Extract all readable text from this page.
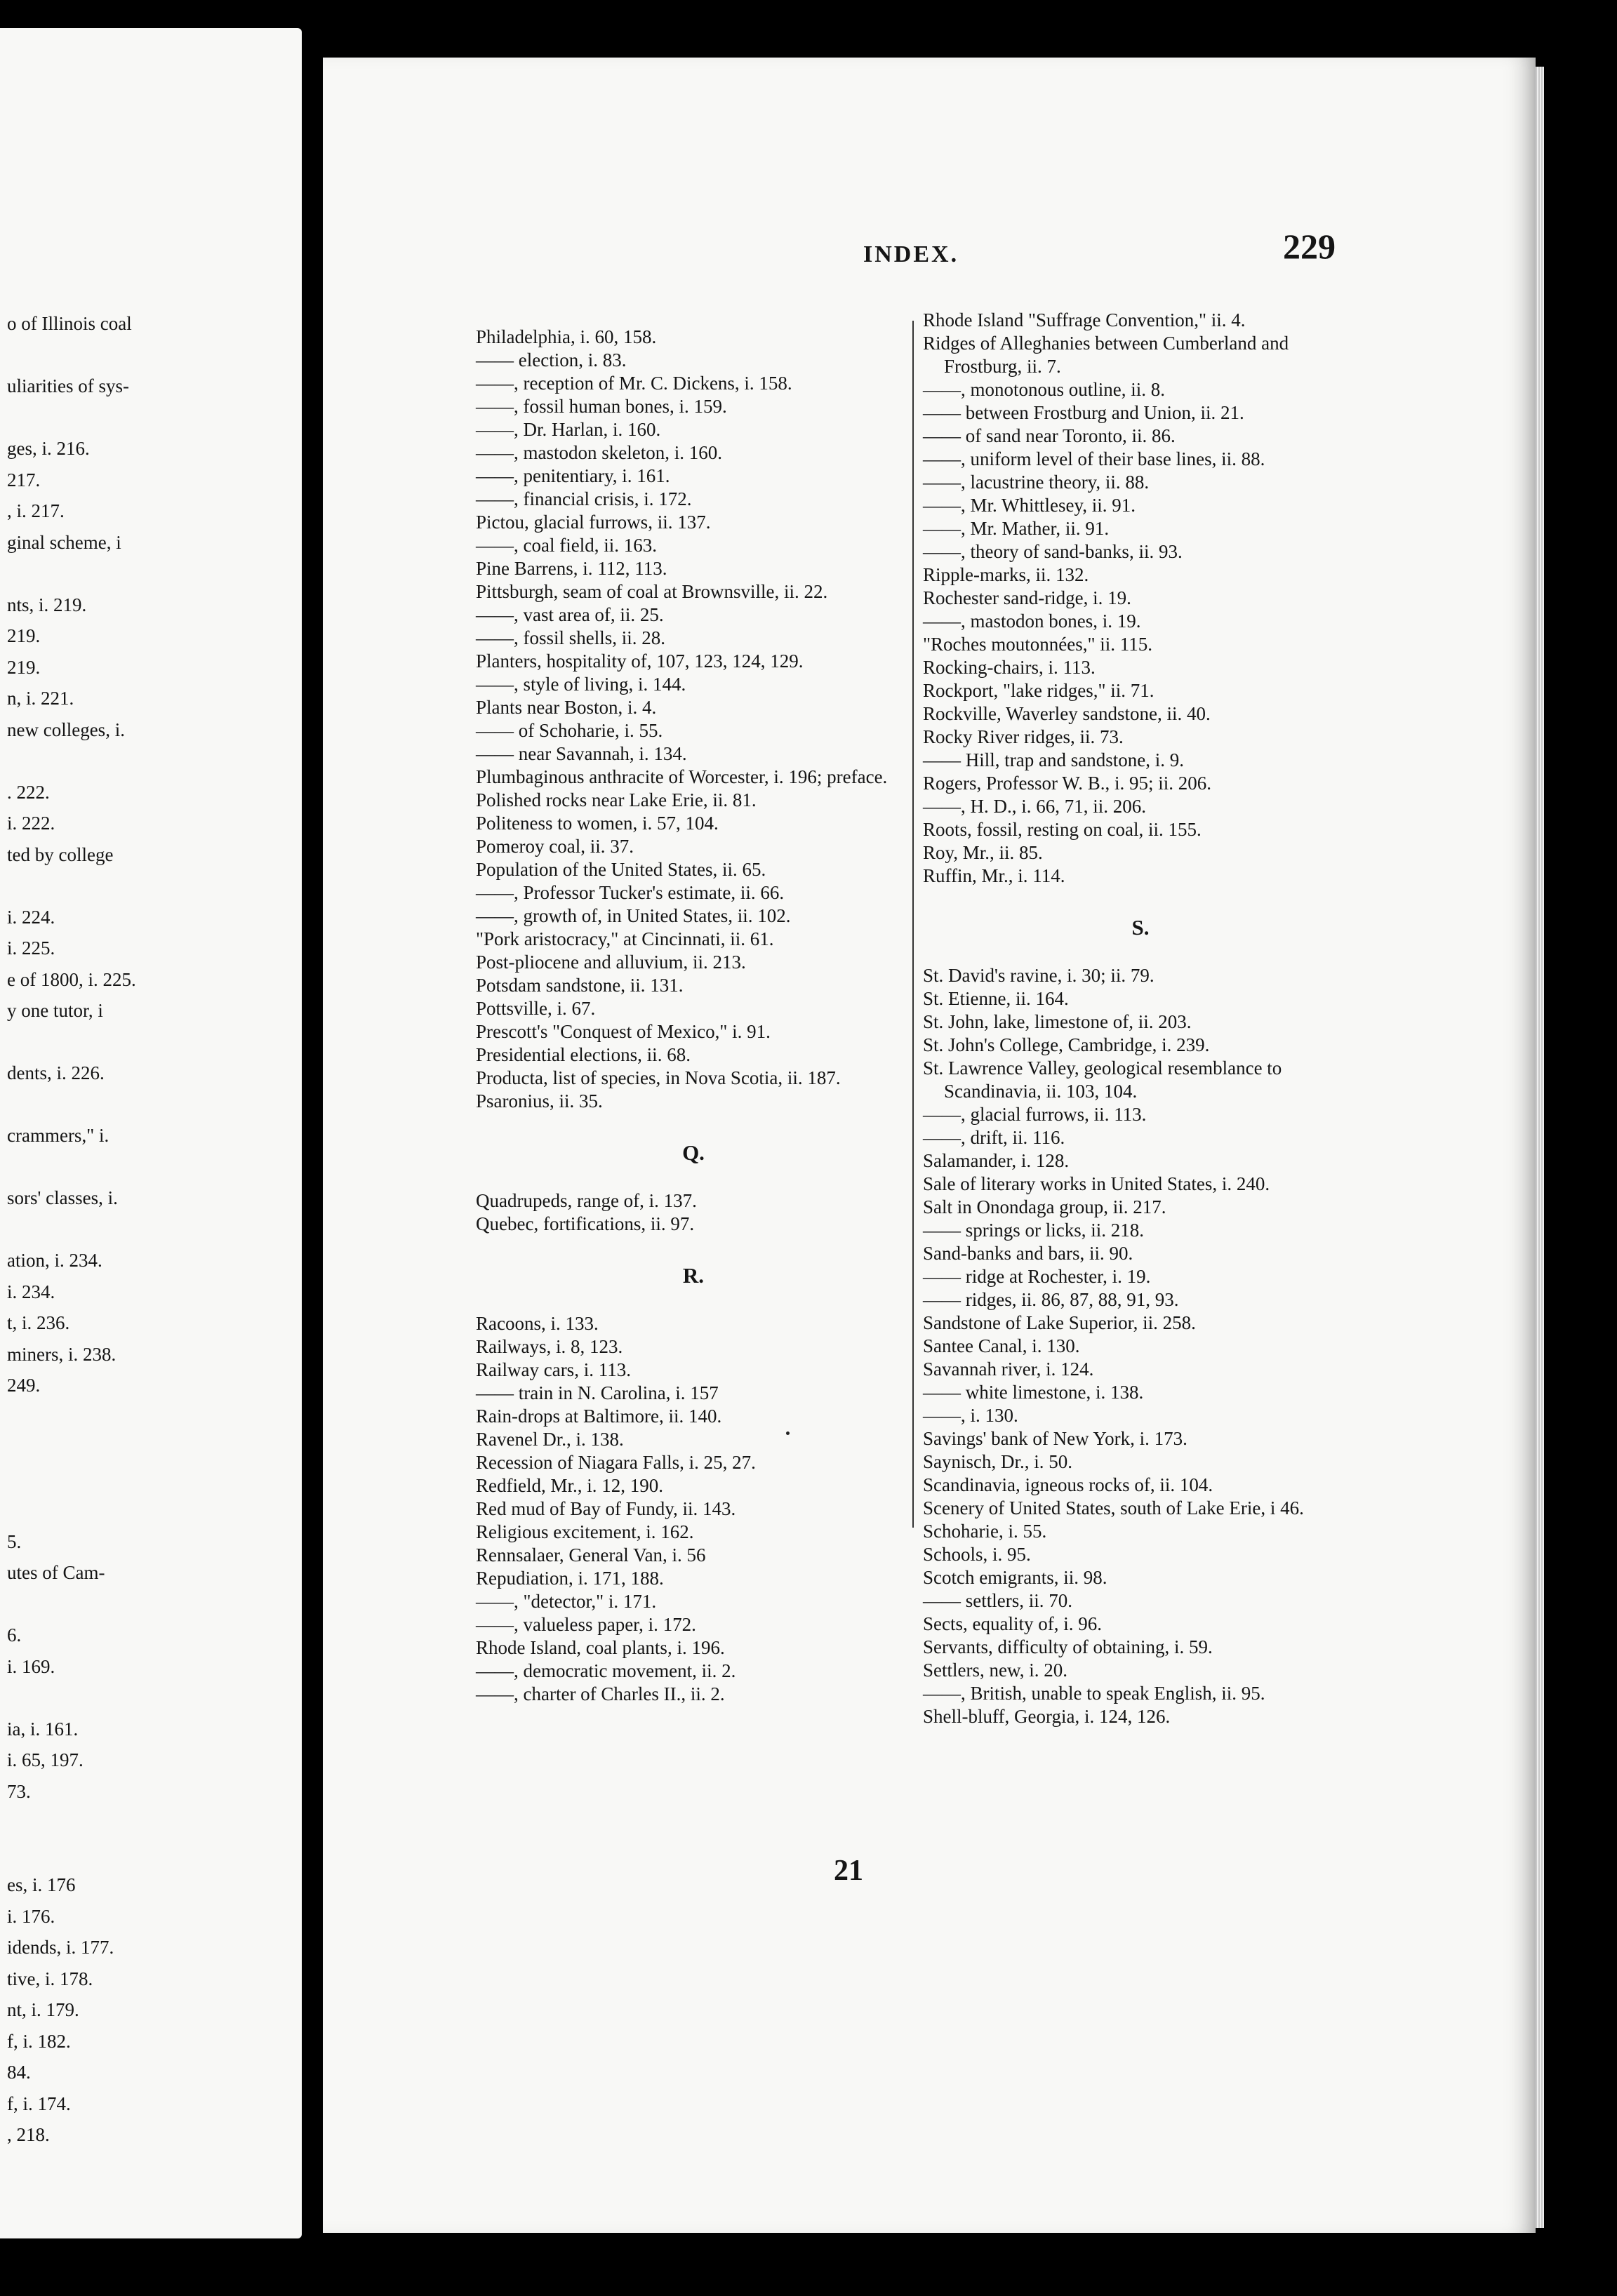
o of Illinois coal
uliarities of sys-
ges, i. 216.
217.
, i. 217.
ginal scheme, i
nts, i. 219.
219.
219.
n, i. 221.
new colleges, i.
. 222.
i. 222.
ted by college
i. 224.
i. 225.
e of 1800, i. 225.
y one tutor, i
dents, i. 226.
crammers," i.
sors' classes, i.
ation, i. 234.
i. 234.
t, i. 236.
miners, i. 238.
249.
5.
utes of Cam-
6.
i. 169.
ia, i. 161.
i. 65, 197.
73.
es, i. 176
i. 176.
idends, i. 177.
tive, i. 178.
nt, i. 179.
f, i. 182.
84.
f, i. 174.
, 218.
INDEX.	229
Philadelphia, i. 60, 158.
—— election, i. 83.
——, reception of Mr. C. Dickens, i. 158.
——, fossil human bones, i. 159.
——, Dr. Harlan, i. 160.
——, mastodon skeleton, i. 160.
——, penitentiary, i. 161.
——, financial crisis, i. 172.
Pictou, glacial furrows, ii. 137.
——, coal field, ii. 163.
Pine Barrens, i. 112, 113.
Pittsburgh, seam of coal at Brownsville, ii. 22.
——, vast area of, ii. 25.
——, fossil shells, ii. 28.
Planters, hospitality of, 107, 123, 124, 129.
——, style of living, i. 144.
Plants near Boston, i. 4.
—— of Schoharie, i. 55.
—— near Savannah, i. 134.
Plumbaginous anthracite of Worcester, i. 196; preface.
Polished rocks near Lake Erie, ii. 81.
Politeness to women, i. 57, 104.
Pomeroy coal, ii. 37.
Population of the United States, ii. 65.
——, Professor Tucker's estimate, ii. 66.
——, growth of, in United States, ii. 102.
"Pork aristocracy," at Cincinnati, ii. 61.
Post-pliocene and alluvium, ii. 213.
Potsdam sandstone, ii. 131.
Pottsville, i. 67.
Prescott's "Conquest of Mexico," i. 91.
Presidential elections, ii. 68.
Producta, list of species, in Nova Scotia, ii. 187.
Psaronius, ii. 35.
Q.
Quadrupeds, range of, i. 137.
Quebec, fortifications, ii. 97.
R.
Racoons, i. 133.
Railways, i. 8, 123.
Railway cars, i. 113.
—— train in N. Carolina, i. 157
Rain-drops at Baltimore, ii. 140.
Ravenel Dr., i. 138.
Recession of Niagara Falls, i. 25, 27.
Redfield, Mr., i. 12, 190.
Red mud of Bay of Fundy, ii. 143.
Religious excitement, i. 162.
Rennsalaer, General Van, i. 56
Repudiation, i. 171, 188.
——, "detector," i. 171.
——, valueless paper, i. 172.
Rhode Island, coal plants, i. 196.
——, democratic movement, ii. 2.
——, charter of Charles II., ii. 2.
Rhode Island "Suffrage Convention," ii. 4.
Ridges of Alleghanies between Cumberland and Frostburg, ii. 7.
——, monotonous outline, ii. 8.
—— between Frostburg and Union, ii. 21.
—— of sand near Toronto, ii. 86.
——, uniform level of their base lines, ii. 88.
——, lacustrine theory, ii. 88.
——, Mr. Whittlesey, ii. 91.
——, Mr. Mather, ii. 91.
——, theory of sand-banks, ii. 93.
Ripple-marks, ii. 132.
Rochester sand-ridge, i. 19.
——, mastodon bones, i. 19.
"Roches moutonnées," ii. 115.
Rocking-chairs, i. 113.
Rockport, "lake ridges," ii. 71.
Rockville, Waverley sandstone, ii. 40.
Rocky River ridges, ii. 73.
—— Hill, trap and sandstone, i. 9.
Rogers, Professor W. B., i. 95; ii. 206.
——, H. D., i. 66, 71, ii. 206.
Roots, fossil, resting on coal, ii. 155.
Roy, Mr., ii. 85.
Ruffin, Mr., i. 114.
S.
St. David's ravine, i. 30; ii. 79.
St. Etienne, ii. 164.
St. John, lake, limestone of, ii. 203.
St. John's College, Cambridge, i. 239.
St. Lawrence Valley, geological resemblance to Scandinavia, ii. 103, 104.
——, glacial furrows, ii. 113.
——, drift, ii. 116.
Salamander, i. 128.
Sale of literary works in United States, i. 240.
Salt in Onondaga group, ii. 217.
—— springs or licks, ii. 218.
Sand-banks and bars, ii. 90.
—— ridge at Rochester, i. 19.
—— ridges, ii. 86, 87, 88, 91, 93.
Sandstone of Lake Superior, ii. 258.
Santee Canal, i. 130.
Savannah river, i. 124.
—— white limestone, i. 138.
——, i. 130.
Savings' bank of New York, i. 173.
Saynisch, Dr., i. 50.
Scandinavia, igneous rocks of, ii. 104.
Scenery of United States, south of Lake Erie, i 46.
Schoharie, i. 55.
Schools, i. 95.
Scotch emigrants, ii. 98.
—— settlers, ii. 70.
Sects, equality of, i. 96.
Servants, difficulty of obtaining, i. 59.
Settlers, new, i. 20.
——, British, unable to speak English, ii. 95.
Shell-bluff, Georgia, i. 124, 126.
21
